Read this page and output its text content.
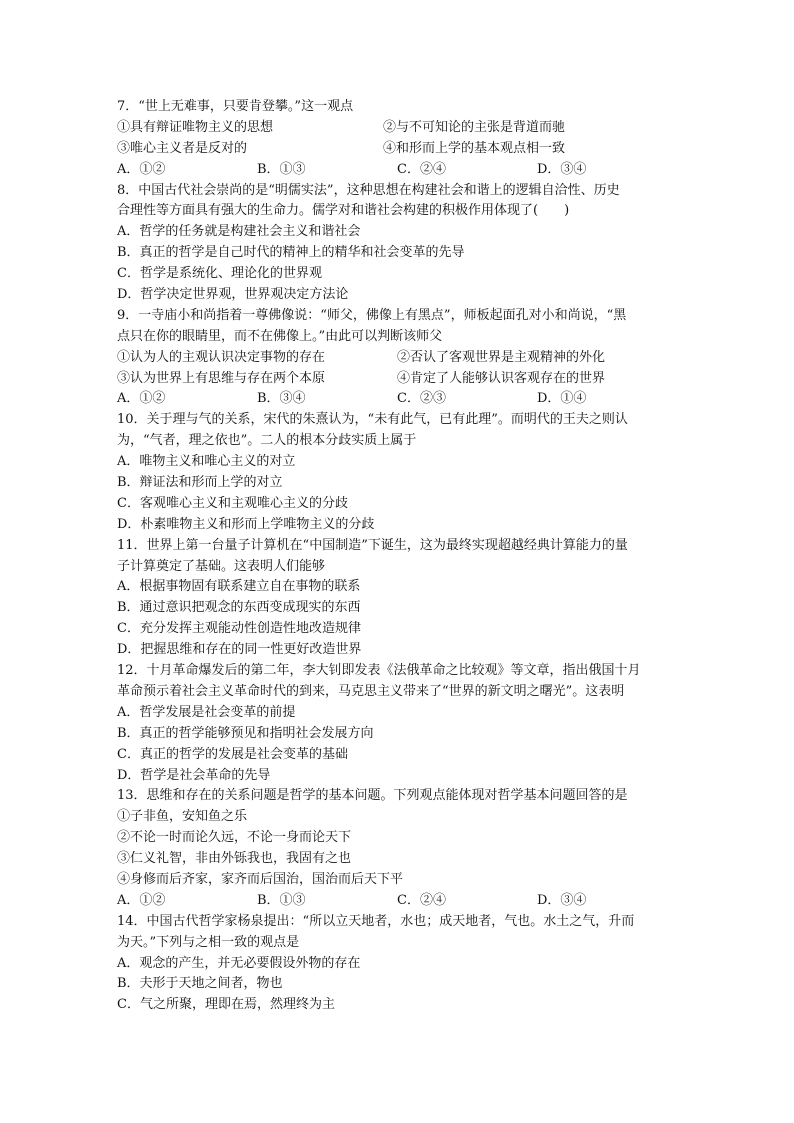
7．“世上无难事，只要肯登攀。”这一观点
①具有辩证唯物主义的思想	②与不可知论的主张是背道而驰
③唯心主义者是反对的	④和形而上学的基本观点相一致
A．①②	B．①③	C．②④	D．③④
8．中国古代社会崇尚的是“明儒实法”，这种思想在构建社会和谐上的逻辑自洽性、历史
合理性等方面具有强大的生命力。儒学对和谐社会构建的积极作用体现了(　　)
A．哲学的任务就是构建社会主义和谐社会
B．真正的哲学是自己时代的精神上的精华和社会变革的先导
C．哲学是系统化、理论化的世界观
D．哲学决定世界观，世界观决定方法论
9．一寺庙小和尚指着一尊佛像说：“师父，佛像上有黑点”，师板起面孔对小和尚说，“黑
点只在你的眼睛里，而不在佛像上。”由此可以判断该师父
①认为人的主观认识决定事物的存在	②否认了客观世界是主观精神的外化
③认为世界上有思维与存在两个本原	④肯定了人能够认识客观存在的世界
A．①②	B．③④	C．②③	D．①④
10．关于理与气的关系，宋代的朱熹认为，“未有此气，已有此理”。而明代的王夫之则认
为，“气者，理之依也”。二人的根本分歧实质上属于
A．唯物主义和唯心主义的对立
B．辩证法和形而上学的对立
C．客观唯心主义和主观唯心主义的分歧
D．朴素唯物主义和形而上学唯物主义的分歧
11．世界上第一台量子计算机在“中国制造”下诞生，这为最终实现超越经典计算能力的量
子计算奠定了基础。这表明人们能够
A．根据事物固有联系建立自在事物的联系
B．通过意识把观念的东西变成现实的东西
C．充分发挥主观能动性创造性地改造规律
D．把握思维和存在的同一性更好改造世界
12．十月革命爆发后的第二年，李大钊即发表《法俄革命之比较观》等文章，指出俄国十月
革命预示着社会主义革命时代的到来，马克思主义带来了“世界的新文明之曙光”。这表明
A．哲学发展是社会变革的前提
B．真正的哲学能够预见和指明社会发展方向
C．真正的哲学的发展是社会变革的基础
D．哲学是社会革命的先导
13．思维和存在的关系问题是哲学的基本问题。下列观点能体现对哲学基本问题回答的是
①子非鱼，安知鱼之乐
②不论一时而论久远，不论一身而论天下
③仁义礼智，非由外铄我也，我固有之也
④身修而后齐家，家齐而后国治，国治而后天下平
A．①②	B．①③	C．②④	D．③④
14．中国古代哲学家杨泉提出：“所以立天地者，水也；成天地者，气也。水土之气，升而
为天。”下列与之相一致的观点是
A．观念的产生，并无必要假设外物的存在
B．夫形于天地之间者，物也
C．气之所聚，理即在焉，然理终为主
